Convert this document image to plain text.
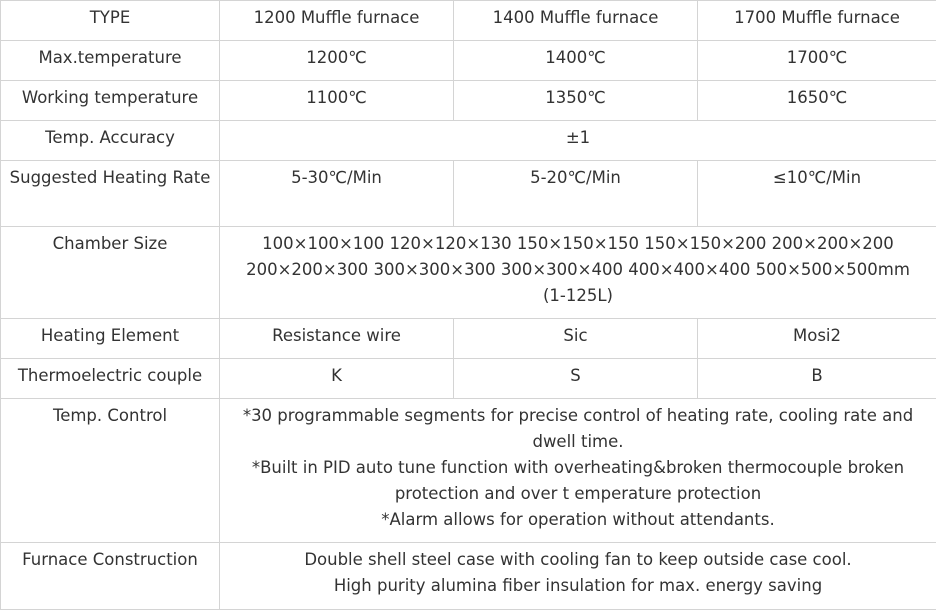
TYPE	1200 Muffle furnace	1400 Muffle furnace	1700 Muffle furnace
Max.temperature	1200℃	1400℃	1700℃
Working temperature	1100℃	1350℃	1650℃
Temp. Accuracy	±1		
Suggested Heating Rate	5-30℃/Min	5-20℃/Min	≤10℃/Min
Chamber Size	100×100×100 120×120×130 150×150×150 150×150×200 200×200×200 200×200×300 300×300×300 300×300×400 400×400×400 500×500×500mm (1-125L)		
Heating Element	Resistance wire	Sic	Mosi2
Thermoelectric couple	K	S	B
Temp. Control	*30 programmable segments for precise control of heating rate, cooling rate and dwell time.
*Built in PID auto tune function with overheating&broken thermocouple broken protection and over t emperature protection
*Alarm allows for operation without attendants.		

Furnace Construction	Double shell steel case with cooling fan to keep outside case cool.
High purity alumina fiber insulation for max. energy saving		
